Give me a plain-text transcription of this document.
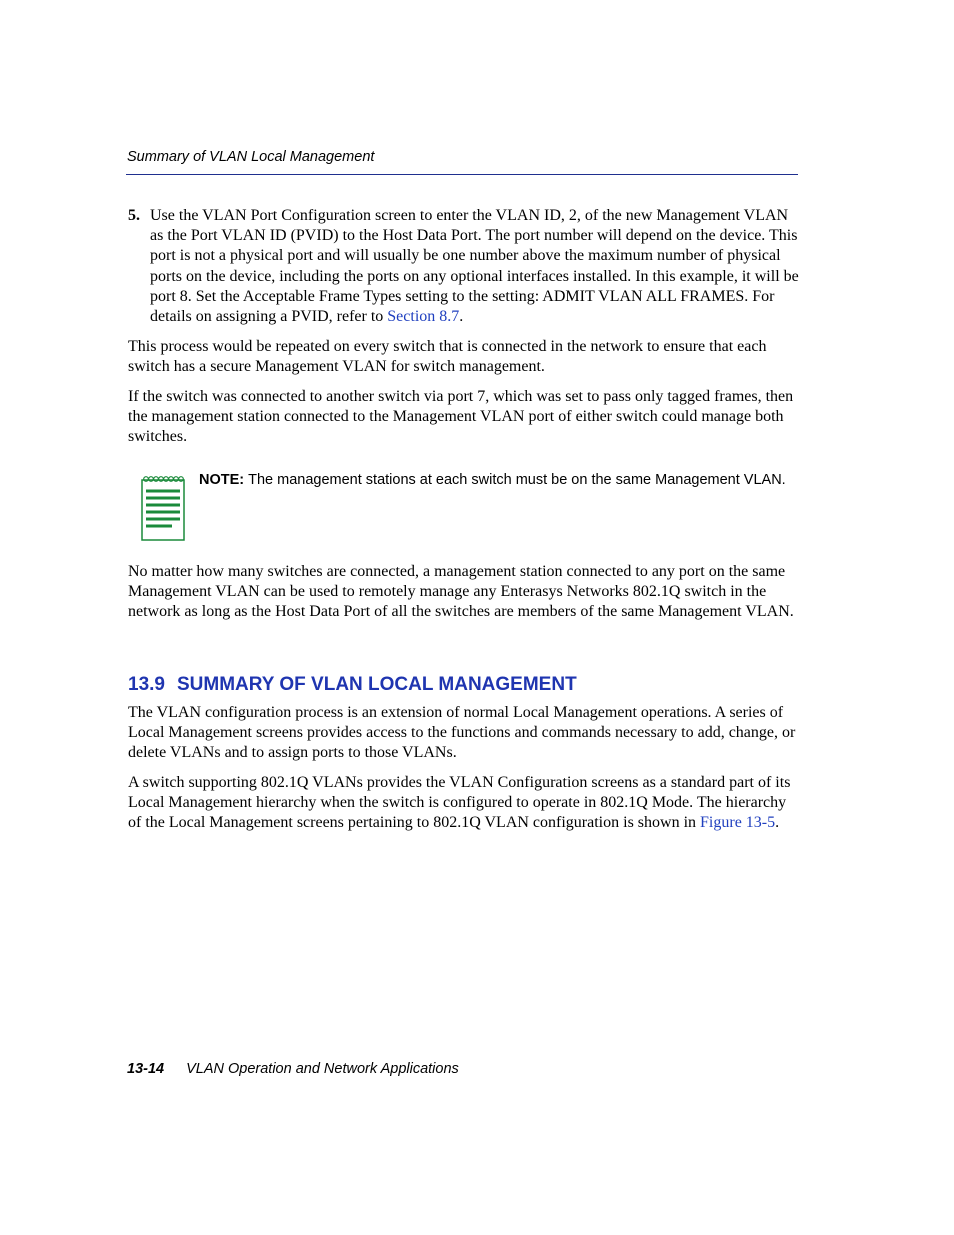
Summary of VLAN Local Management
5. Use the VLAN Port Configuration screen to enter the VLAN ID, 2, of the new Management VLAN as the Port VLAN ID (PVID) to the Host Data Port. The port number will depend on the device. This port is not a physical port and will usually be one number above the maximum number of physical ports on the device, including the ports on any optional interfaces installed. In this example, it will be port 8. Set the Acceptable Frame Types setting to the setting: ADMIT VLAN ALL FRAMES. For details on assigning a PVID, refer to Section 8.7.

This process would be repeated on every switch that is connected in the network to ensure that each switch has a secure Management VLAN for switch management.

If the switch was connected to another switch via port 7, which was set to pass only tagged frames, then the management station connected to the Management VLAN port of either switch could manage both switches.

NOTE: The management stations at each switch must be on the same Management VLAN.

No matter how many switches are connected, a management station connected to any port on the same Management VLAN can be used to remotely manage any Enterasys Networks 802.1Q switch in the network as long as the Host Data Port of all the switches are members of the same Management VLAN.

13.9 SUMMARY OF VLAN LOCAL MANAGEMENT

The VLAN configuration process is an extension of normal Local Management operations. A series of Local Management screens provides access to the functions and commands necessary to add, change, or delete VLANs and to assign ports to those VLANs.

A switch supporting 802.1Q VLANs provides the VLAN Configuration screens as a standard part of its Local Management hierarchy when the switch is configured to operate in 802.1Q Mode. The hierarchy of the Local Management screens pertaining to 802.1Q VLAN configuration is shown in Figure 13-5.

13-14 VLAN Operation and Network Applications
